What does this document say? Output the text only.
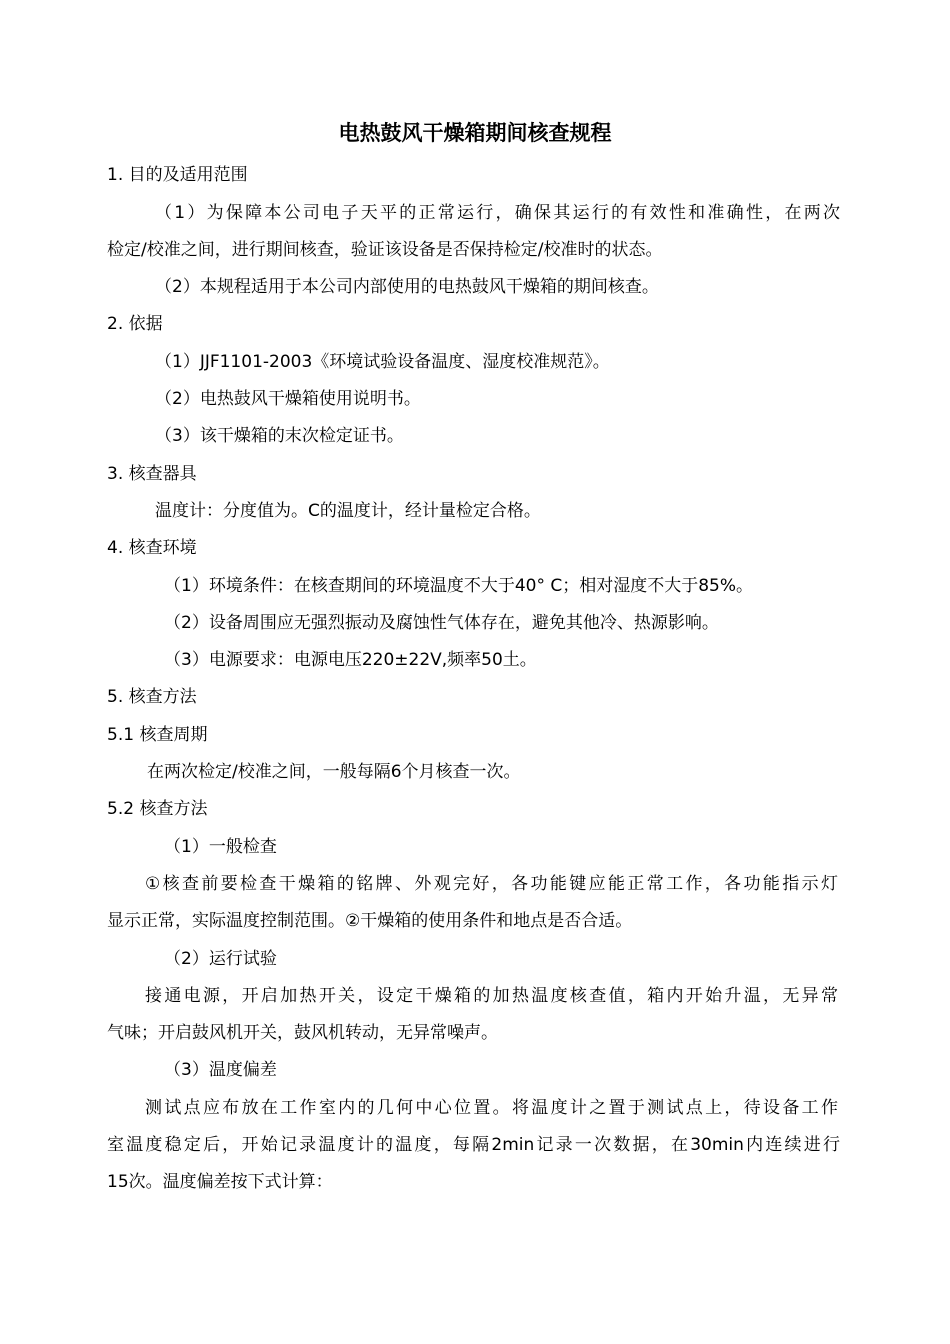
电热鼓风干燥箱期间核查规程
1. 目的及适用范围
（1）为保障本公司电子天平的正常运行，确保其运行的有效性和准确性，在两次
检定/校准之间，进行期间核查，验证该设备是否保持检定/校准时的状态。
（2）本规程适用于本公司内部使用的电热鼓风干燥箱的期间核查。
2. 依据
（1）JJF1101-2003《环境试验设备温度、湿度校准规范》。
（2）电热鼓风干燥箱使用说明书。
（3）该干燥箱的末次检定证书。
3. 核查器具
温度计：分度值为。C的温度计，经计量检定合格。
4. 核查环境
（1）环境条件：在核查期间的环境温度不大于40° C；相对湿度不大于85%。
（2）设备周围应无强烈振动及腐蚀性气体存在，避免其他冷、热源影响。
（3）电源要求：电源电压220±22V,频率50土。
5. 核查方法
5.1 核查周期
在两次检定/校准之间，一般每隔6个月核查一次。
5.2 核查方法
（1）一般检查
①核查前要检查干燥箱的铭牌、外观完好，各功能键应能正常工作，各功能指示灯
显示正常，实际温度控制范围。②干燥箱的使用条件和地点是否合适。
（2）运行试验
接通电源，开启加热开关，设定干燥箱的加热温度核查值，箱内开始升温，无异常
气味；开启鼓风机开关，鼓风机转动，无异常噪声。
（3）温度偏差
测试点应布放在工作室内的几何中心位置。将温度计之置于测试点上，待设备工作
室温度稳定后，开始记录温度计的温度，每隔2min记录一次数据，在30min内连续进行
15次。温度偏差按下式计算：
